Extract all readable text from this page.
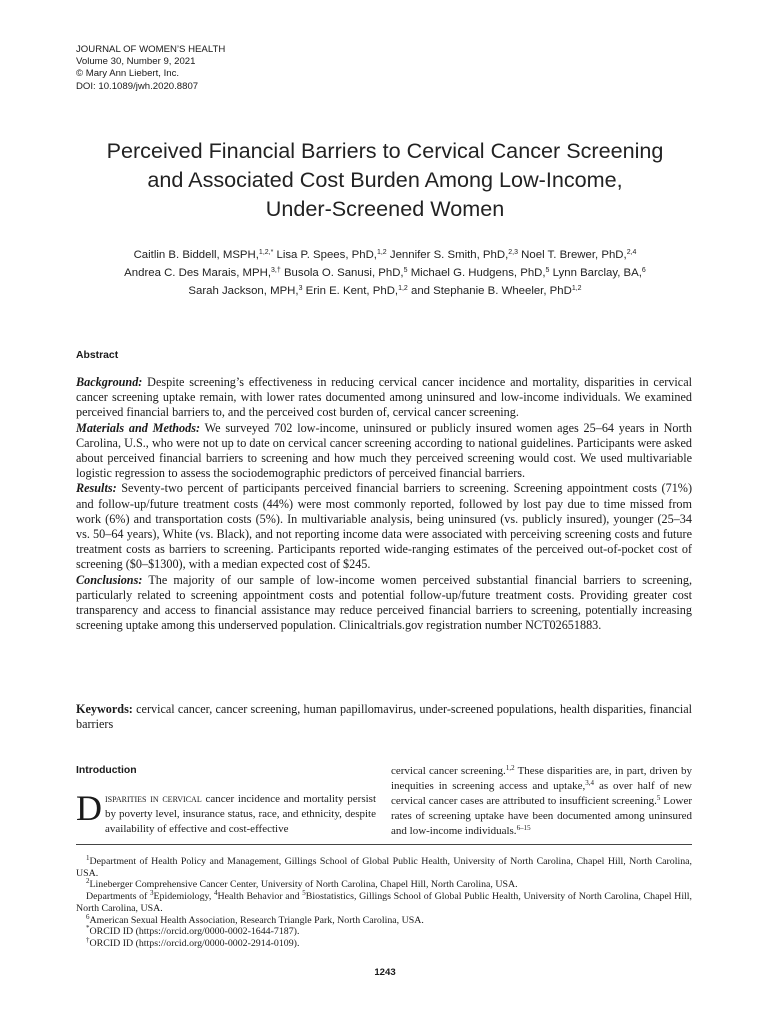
JOURNAL OF WOMEN’S HEALTH
Volume 30, Number 9, 2021
© Mary Ann Liebert, Inc.
DOI: 10.1089/jwh.2020.8807
Perceived Financial Barriers to Cervical Cancer Screening
and Associated Cost Burden Among Low-Income,
Under-Screened Women
Caitlin B. Biddell, MSPH,$^{1,2,*}$ Lisa P. Spees, PhD,$^{1,2}$ Jennifer S. Smith, PhD,$^{2,3}$ Noel T. Brewer, PhD,$^{2,4}$
Andrea C. Des Marais, MPH,$^{3,\dagger}$ Busola O. Sanusi, PhD,$^5$ Michael G. Hudgens, PhD,$^5$ Lynn Barclay, BA,$^6$
Sarah Jackson, MPH,$^3$ Erin E. Kent, PhD,$^{1,2}$ and Stephanie B. Wheeler, PhD$^{1,2}$
Abstract

Background: Despite screening’s effectiveness in reducing cervical cancer incidence and mortality, disparities in cervical cancer screening uptake remain, with lower rates documented among uninsured and low-income individuals. We examined perceived financial barriers to, and the perceived cost burden of, cervical cancer screening.

Materials and Methods: We surveyed 702 low-income, uninsured or publicly insured women ages 25–64 years in North Carolina, U.S., who were not up to date on cervical cancer screening according to national guidelines. Participants were asked about perceived financial barriers to screening and how much they perceived screening would cost. We used multivariable logistic regression to assess the sociodemographic predictors of perceived financial barriers.

Results: Seventy-two percent of participants perceived financial barriers to screening. Screening appointment costs (71%) and follow-up/future treatment costs (44%) were most commonly reported, followed by lost pay due to time missed from work (6%) and transportation costs (5%). In multivariable analysis, being uninsured (vs. publicly insured), younger (25–34 vs. 50–64 years), White (vs. Black), and not reporting income data were associated with perceiving screening costs and future treatment costs as barriers to screening. Participants reported wide-ranging estimates of the perceived out-of-pocket cost of screening ($0–$1300), with a median expected cost of $245.

Conclusions: The majority of our sample of low-income women perceived substantial financial barriers to screening, particularly related to screening appointment costs and potential follow-up/future treatment costs. Providing greater cost transparency and access to financial assistance may reduce perceived financial barriers to screening, potentially increasing screening uptake among this underserved population. Clinicaltrials.gov registration number NCT02651883.

Keywords: cervical cancer, cancer screening, human papillomavirus, under-screened populations, health disparities, financial barriers
Introduction
Disparities in cervical cancer incidence and mortality persist by poverty level, insurance status, race, and ethnicity, despite availability of effective and cost-effective
cervical cancer screening.$^{1,2}$ These disparities are, in part, driven by inequities in screening access and uptake,$^{3,4}$ as over half of new cervical cancer cases are attributed to insufficient screening.$^5$ Lower rates of screening uptake have been documented among uninsured and low-income individuals.$^{6-15}$
$^1$Department of Health Policy and Management, Gillings School of Global Public Health, University of North Carolina, Chapel Hill, North Carolina, USA.
$^2$Lineberger Comprehensive Cancer Center, University of North Carolina, Chapel Hill, North Carolina, USA.
Departments of $^3$Epidemiology, $^4$Health Behavior and $^5$Biostatistics, Gillings School of Global Public Health, University of North Carolina, Chapel Hill, North Carolina, USA.
$^6$American Sexual Health Association, Research Triangle Park, North Carolina, USA.
*ORCID ID (https://orcid.org/0000-0002-1644-7187).
†ORCID ID (https://orcid.org/0000-0002-2914-0109).
1243
